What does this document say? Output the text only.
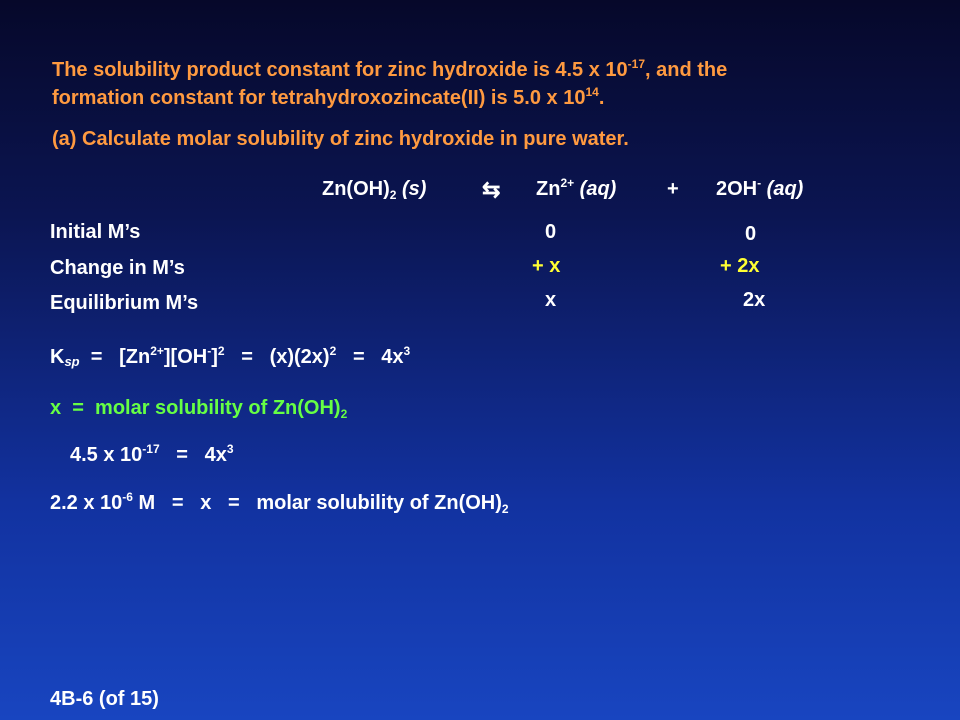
The solubility product constant for zinc hydroxide is 4.5 x $10^{-17}$, and the
formation constant for tetrahydroxozincate(II) is 5.0 x $10^{14}$.
(a) Calculate molar solubility of zinc hydroxide in pure water.
$Zn(OH)_2$ (s)	⇆ $Zn^{2+}$ (aq)	+ 2OH- (aq)
Initial M’s	0	0
Change in M’s	+ x	+ 2x
Equilibrium M’s	x	2x
Ksp  =   $[Zn^{2+}][OH^-]^2 = (x)(2x)^2 = 4x^3$
x  =  molar solubility of $Zn(OH)_2$
4.5 x $10^{-17} = 4x^3$
2.2 x $10^{-6}$ M   =   x   =   molar solubility of $Zn(OH)_2$
4B-6 (of 15)
